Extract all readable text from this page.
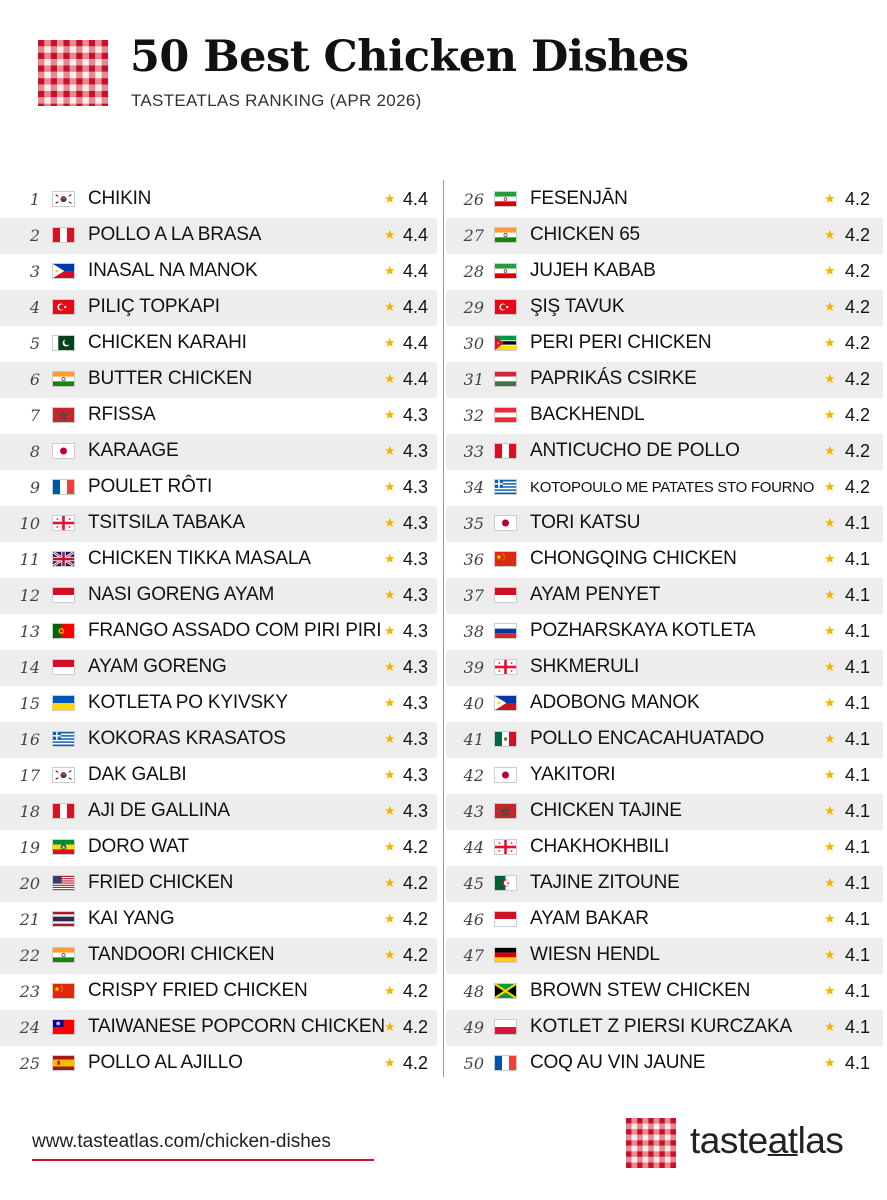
50 Best Chicken Dishes
TASTEATLAS RANKING (APR 2026)
1	CHIKIN	★ 4.4
2	POLLO A LA BRASA	★ 4.4
3	INASAL NA MANOK	★ 4.4
4	PILIÇ TOPKAPI	★ 4.4
5	CHICKEN KARAHI	★ 4.4
6	BUTTER CHICKEN	★ 4.4
7	RFISSA	★ 4.3
8	KARAAGE	★ 4.3
9	POULET RÔTI	★ 4.3
10	TSITSILA TABAKA	★ 4.3
11	CHICKEN TIKKA MASALA	★ 4.3
12	NASI GORENG AYAM	★ 4.3
13	FRANGO ASSADO COM PIRI PIRI ★ 4.3
14	AYAM GORENG	★ 4.3
15	KOTLETA PO KYIVSKY	★ 4.3
16	KOKORAS KRASATOS	★ 4.3
17	DAK GALBI	★ 4.3
18	AJI DE GALLINA	★ 4.3
19	DORO WAT	★ 4.2
20	FRIED CHICKEN	★ 4.2
21	KAI YANG	★ 4.2
22	TANDOORI CHICKEN	★ 4.2
23	CRISPY FRIED CHICKEN	★ 4.2
24	TAIWANESE POPCORN CHICKEN ★ 4.2
25	POLLO AL AJILLO	★ 4.2
26 FESENJĀN	★ 4.2
27 CHICKEN 65	★ 4.2
28 JUJEH KABAB	★ 4.2
29 ŞIŞ TAVUK	★ 4.2
30 PERI PERI CHICKEN	★ 4.2
31 PAPRIKÁS CSIRKE	★ 4.2
32 BACKHENDL	★ 4.2
33 ANTICUCHO DE POLLO	★ 4.2
34	KOTOPOULO ME PATATES STO FOURNO ★ 4.2
35 TORI KATSU	★ 4.1
36 CHONGQING CHICKEN	★ 4.1
37 AYAM PENYET	★ 4.1
38 POZHARSKAYA KOTLETA	★ 4.1
39 SHKMERULI	★ 4.1
40 ADOBONG MANOK	★ 4.1
41 POLLO ENCACAHUATADO	★ 4.1
42 YAKITORI	★ 4.1
43 CHICKEN TAJINE	★ 4.1
44 CHAKHOKHBILI	★ 4.1
45 TAJINE ZITOUNE	★ 4.1
46 AYAM BAKAR	★ 4.1
47 WIESN HENDL	★ 4.1
48 BROWN STEW CHICKEN	★ 4.1
49 KOTLET Z PIERSI KURCZAKA ★ 4.1
50 COQ AU VIN JAUNE	★ 4.1
www.tasteatlas.com/chicken-dishes	tasteatlas
